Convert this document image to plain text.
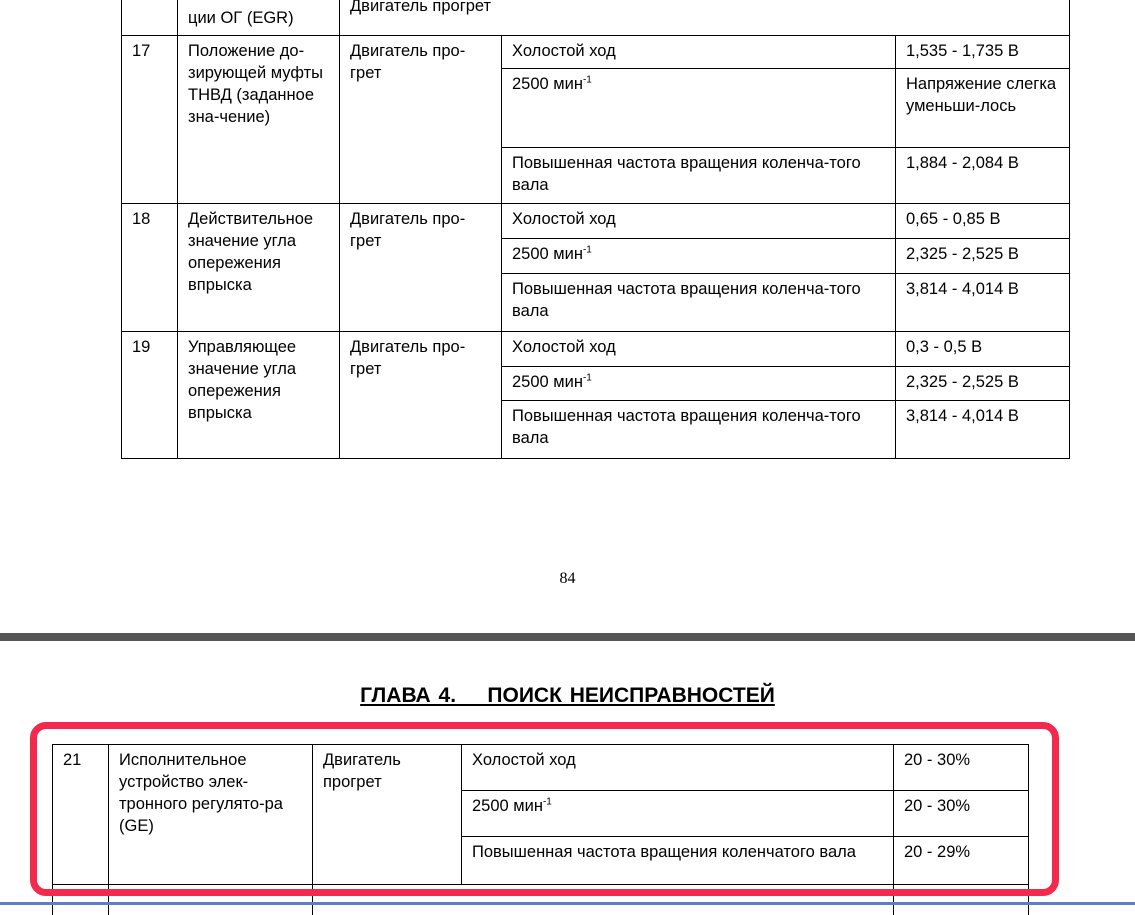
	ции ОГ (EGR)	Двигатель прогрет		
17	Положение до-зирующей муфты ТНВД (заданное зна-чение)	Двигатель про-грет	Холостой ход	1,535 - 1,735 В
			2500 мин$^{-1}$	Напряжение слегка уменьши-лось
			Повышенная частота вращения коленча-того вала	1,884 - 2,084 В
18	Действительное значение угла опережения впрыска	Двигатель про-грет	Холостой ход	0,65 - 0,85 В
			2500 мин$^{-1}$	2,325 - 2,525 В
			Повышенная частота вращения коленча-того вала	3,814 - 4,014 В
19	Управляющее значение угла опережения впрыска	Двигатель про-грет	Холостой ход	0,3 - 0,5 В
			2500 мин$^{-1}$	2,325 - 2,525 В
			Повышенная частота вращения коленча-того вала	3,814 - 4,014 В
84
ГЛАВА 4.    ПОИСК НЕИСПРАВНОСТЕЙ
21	Исполнительное устройство элек-тронного регулято-ра (GE)	Двигатель прогрет	Холостой ход	20 - 30%
			2500 мин$^{-1}$	20 - 30%
			Повышенная частота вращения коленчатого вала	20 - 29%
